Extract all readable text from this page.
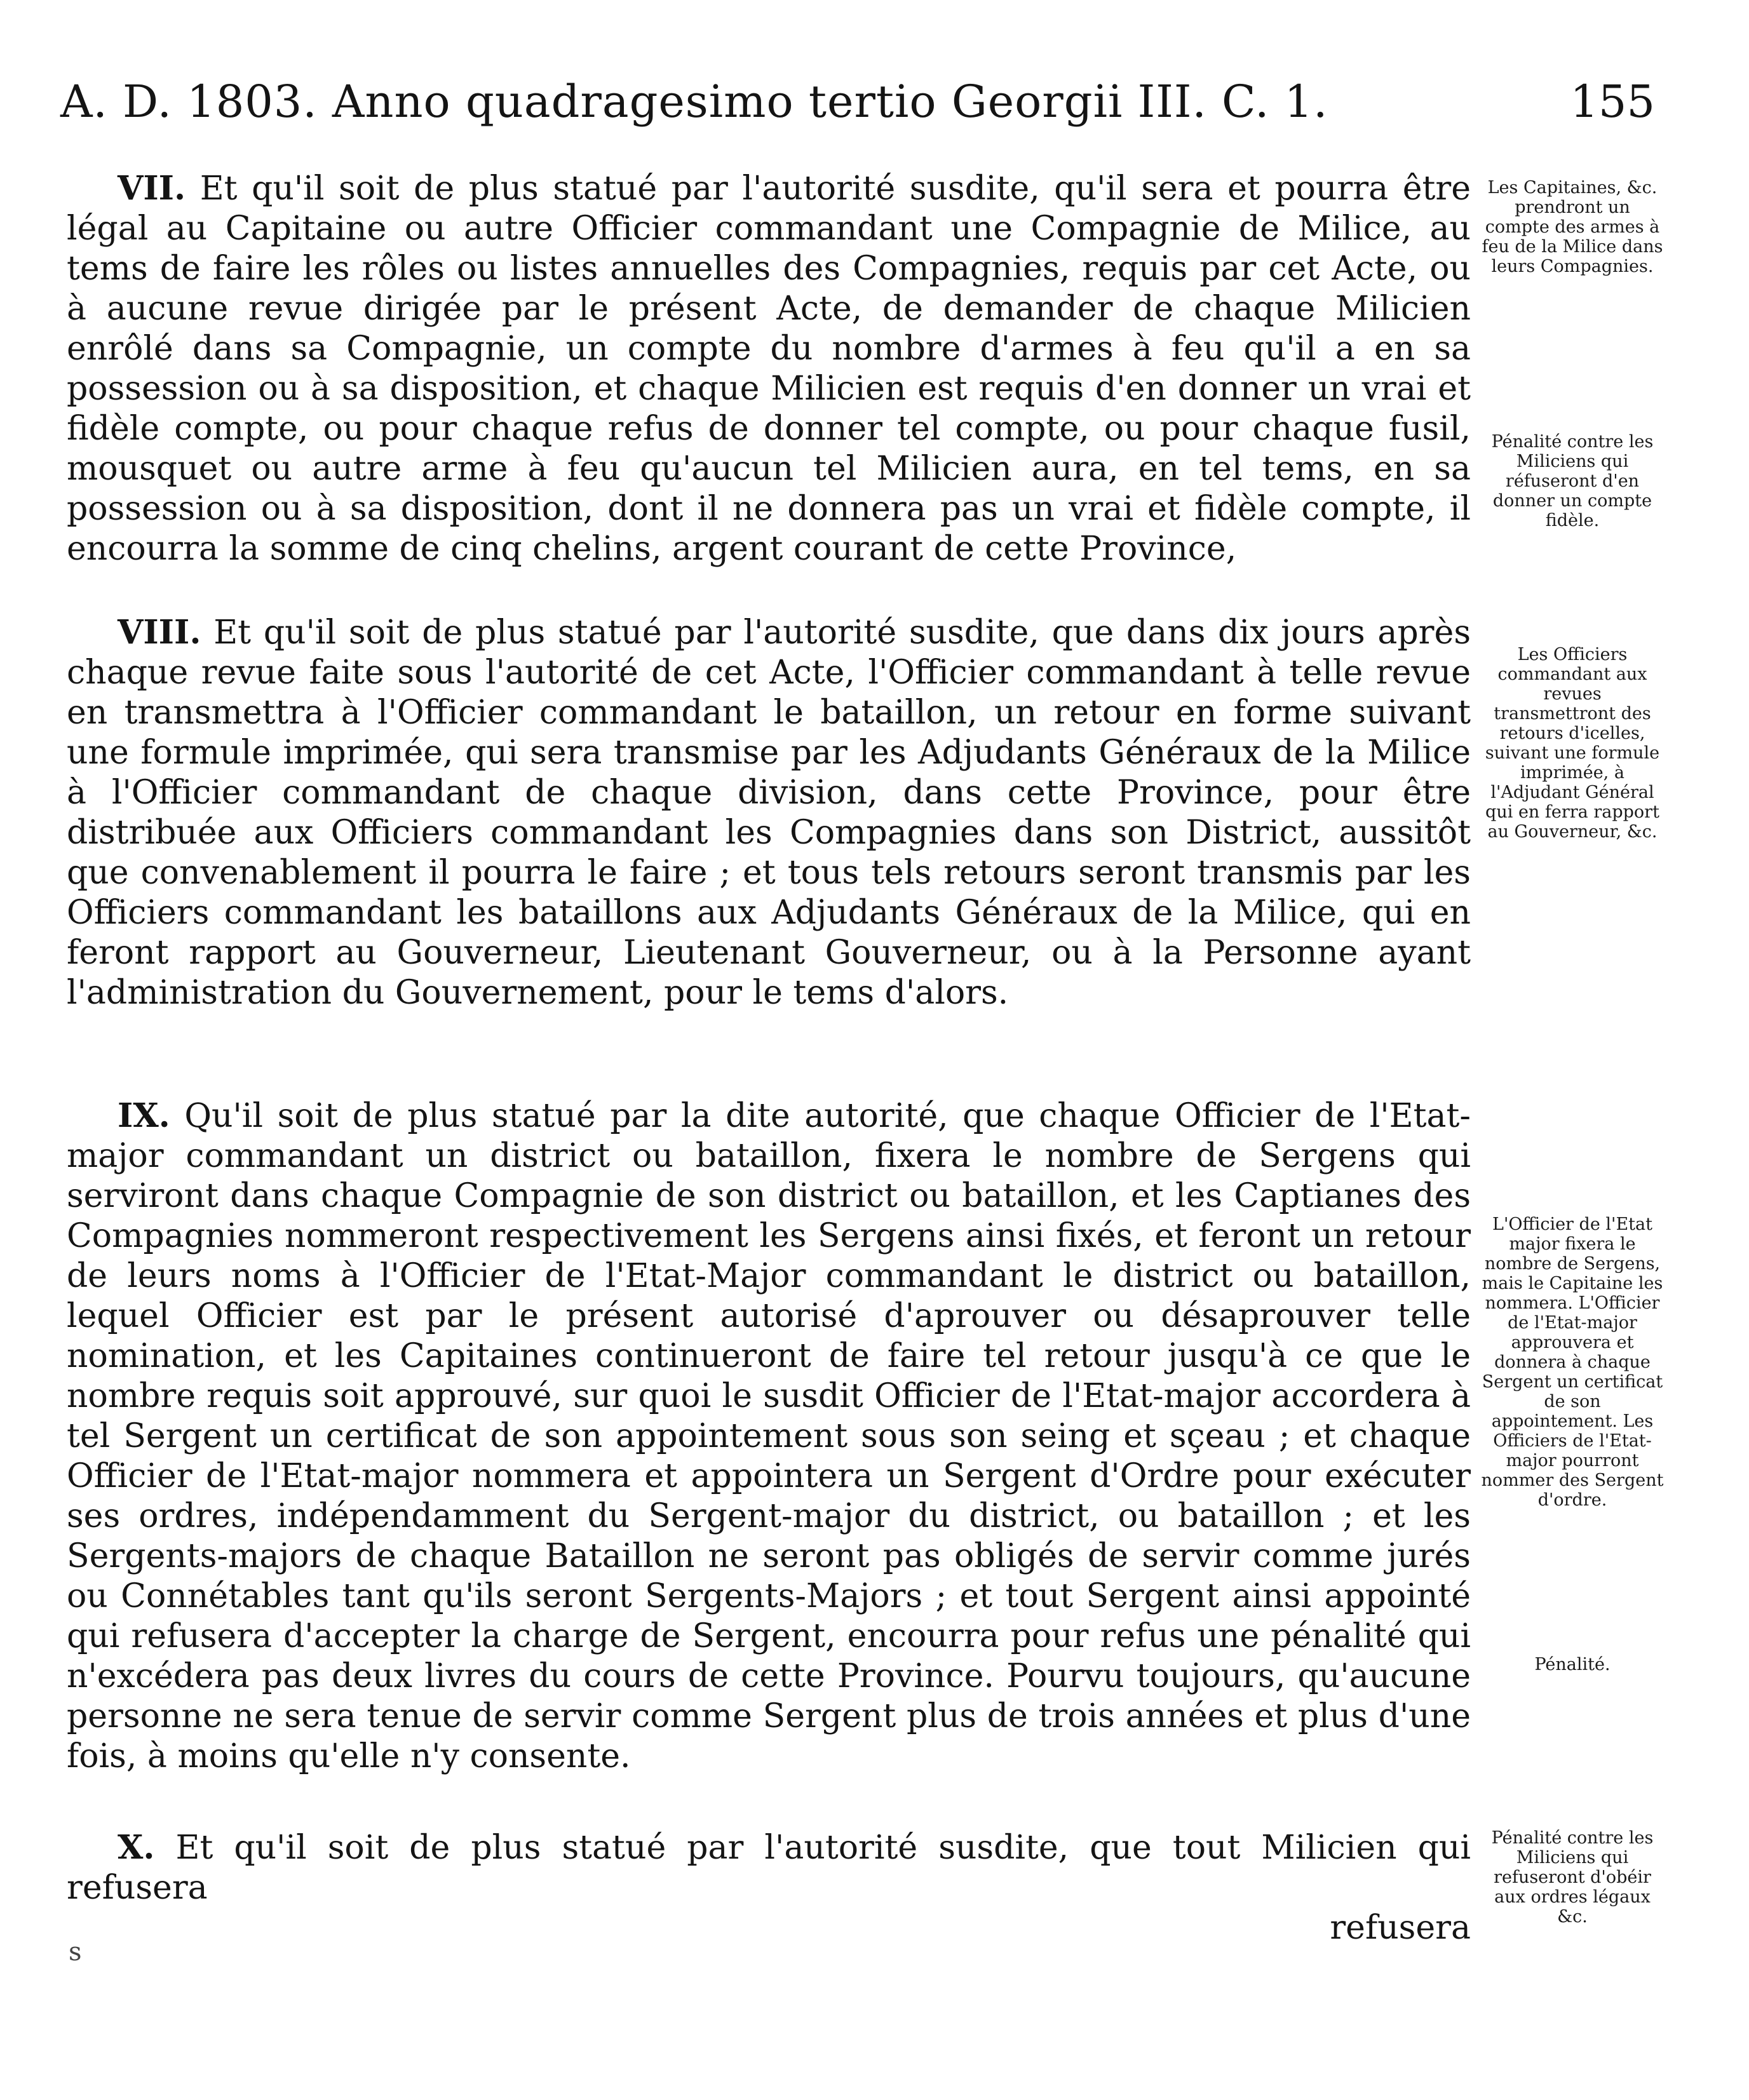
A. D. 1803. Anno quadragesimo tertio Georgii III. C. 1.	155

VII. Et qu'il soit de plus statué par l'autorité susdite, qu'il sera et pourra être légal au Capitaine ou autre Officier commandant une Compagnie de Milice, au tems de faire les rôles ou listes annuelles des Compagnies, requis par cet Acte, ou à aucune revue dirigée par le présent Acte, de demander de chaque Milicien enrôlé dans sa Compagnie, un compte du nombre d'armes à feu qu'il a en sa possession ou à sa disposition, et chaque Milicien est requis d'en donner un vrai et fidèle compte, ou pour chaque refus de donner tel compte, ou pour chaque fusil, mousquet ou autre arme à feu qu'aucun tel Milicien aura, en tel tems, en sa possession ou à sa disposition, dont il ne donnera pas un vrai et fidèle compte, il encourra la somme de cinq chelins, argent courant de cette Province,

VIII. Et qu'il soit de plus statué par l'autorité susdite, que dans dix jours après chaque revue faite sous l'autorité de cet Acte, l'Officier commandant à telle revue en transmettra à l'Officier commandant le bataillon, un retour en forme suivant une formule imprimée, qui sera transmise par les Adjudants Généraux de la Milice à l'Officier commandant de chaque division, dans cette Province, pour être distribuée aux Officiers commandant les Compagnies dans son District, aussitôt que convenablement il pourra le faire ; et tous tels retours seront transmis par les Officiers commandant les bataillons aux Adjudants Généraux de la Milice, qui en feront rapport au Gouverneur, Lieutenant Gouverneur, ou à la Personne ayant l'administration du Gouvernement, pour le tems d'alors.

IX. Qu'il soit de plus statué par la dite autorité, que chaque Officier de l'Etat-major commandant un district ou bataillon, fixera le nombre de Sergens qui serviront dans chaque Compagnie de son district ou bataillon, et les Captianes des Compagnies nommeront respectivement les Sergens ainsi fixés, et feront un retour de leurs noms à l'Officier de l'Etat-Major commandant le district ou bataillon, lequel Officier est par le présent autorisé d'aprouver ou désaprouver telle nomination, et les Capitaines continueront de faire tel retour jusqu'à ce que le nombre requis soit approuvé, sur quoi le susdit Officier de l'Etat-major accordera à tel Sergent un certificat de son appointement sous son seing et sçeau ; et chaque Officier de l'Etat-major nommera et appointera un Sergent d'Ordre pour exécuter ses ordres, indépendamment du Sergent-major du district, ou bataillon ; et les Sergents-majors de chaque Bataillon ne seront pas obligés de servir comme jurés ou Connétables tant qu'ils seront Sergents-Majors ; et tout Sergent ainsi appointé qui refusera d'accepter la charge de Sergent, encourra pour refus une pénalité qui n'excédera pas deux livres du cours de cette Province. Pourvu toujours, qu'aucune personne ne sera tenue de servir comme Sergent plus de trois années et plus d'une fois, à moins qu'elle n'y consente.

X. Et qu'il soit de plus statué par l'autorité susdite, que tout Milicien qui refusera

refusera

Les Capitaines, &c. prendront un compte des armes à feu de la Milice dans leurs Compagnies.

Pénalité contre les Miliciens qui réfuseront d'en donner un compte fidèle.

Les Officiers commandant aux revues transmettront des retours d'icelles, suivant une formule imprimée, à l'Adjudant Général qui en ferra rapport au Gouverneur, &c.

L'Officier de l'Etat major fixera le nombre de Sergens, mais le Capitaine les nommera. L'Officier de l'Etat-major approuvera et donnera à chaque Sergent un certificat de son appointement. Les Officiers de l'Etat-major pourront nommer des Sergent d'ordre.

Pénalité.

Pénalité contre les Miliciens qui refuseront d'obéir aux ordres légaux &c.

s
